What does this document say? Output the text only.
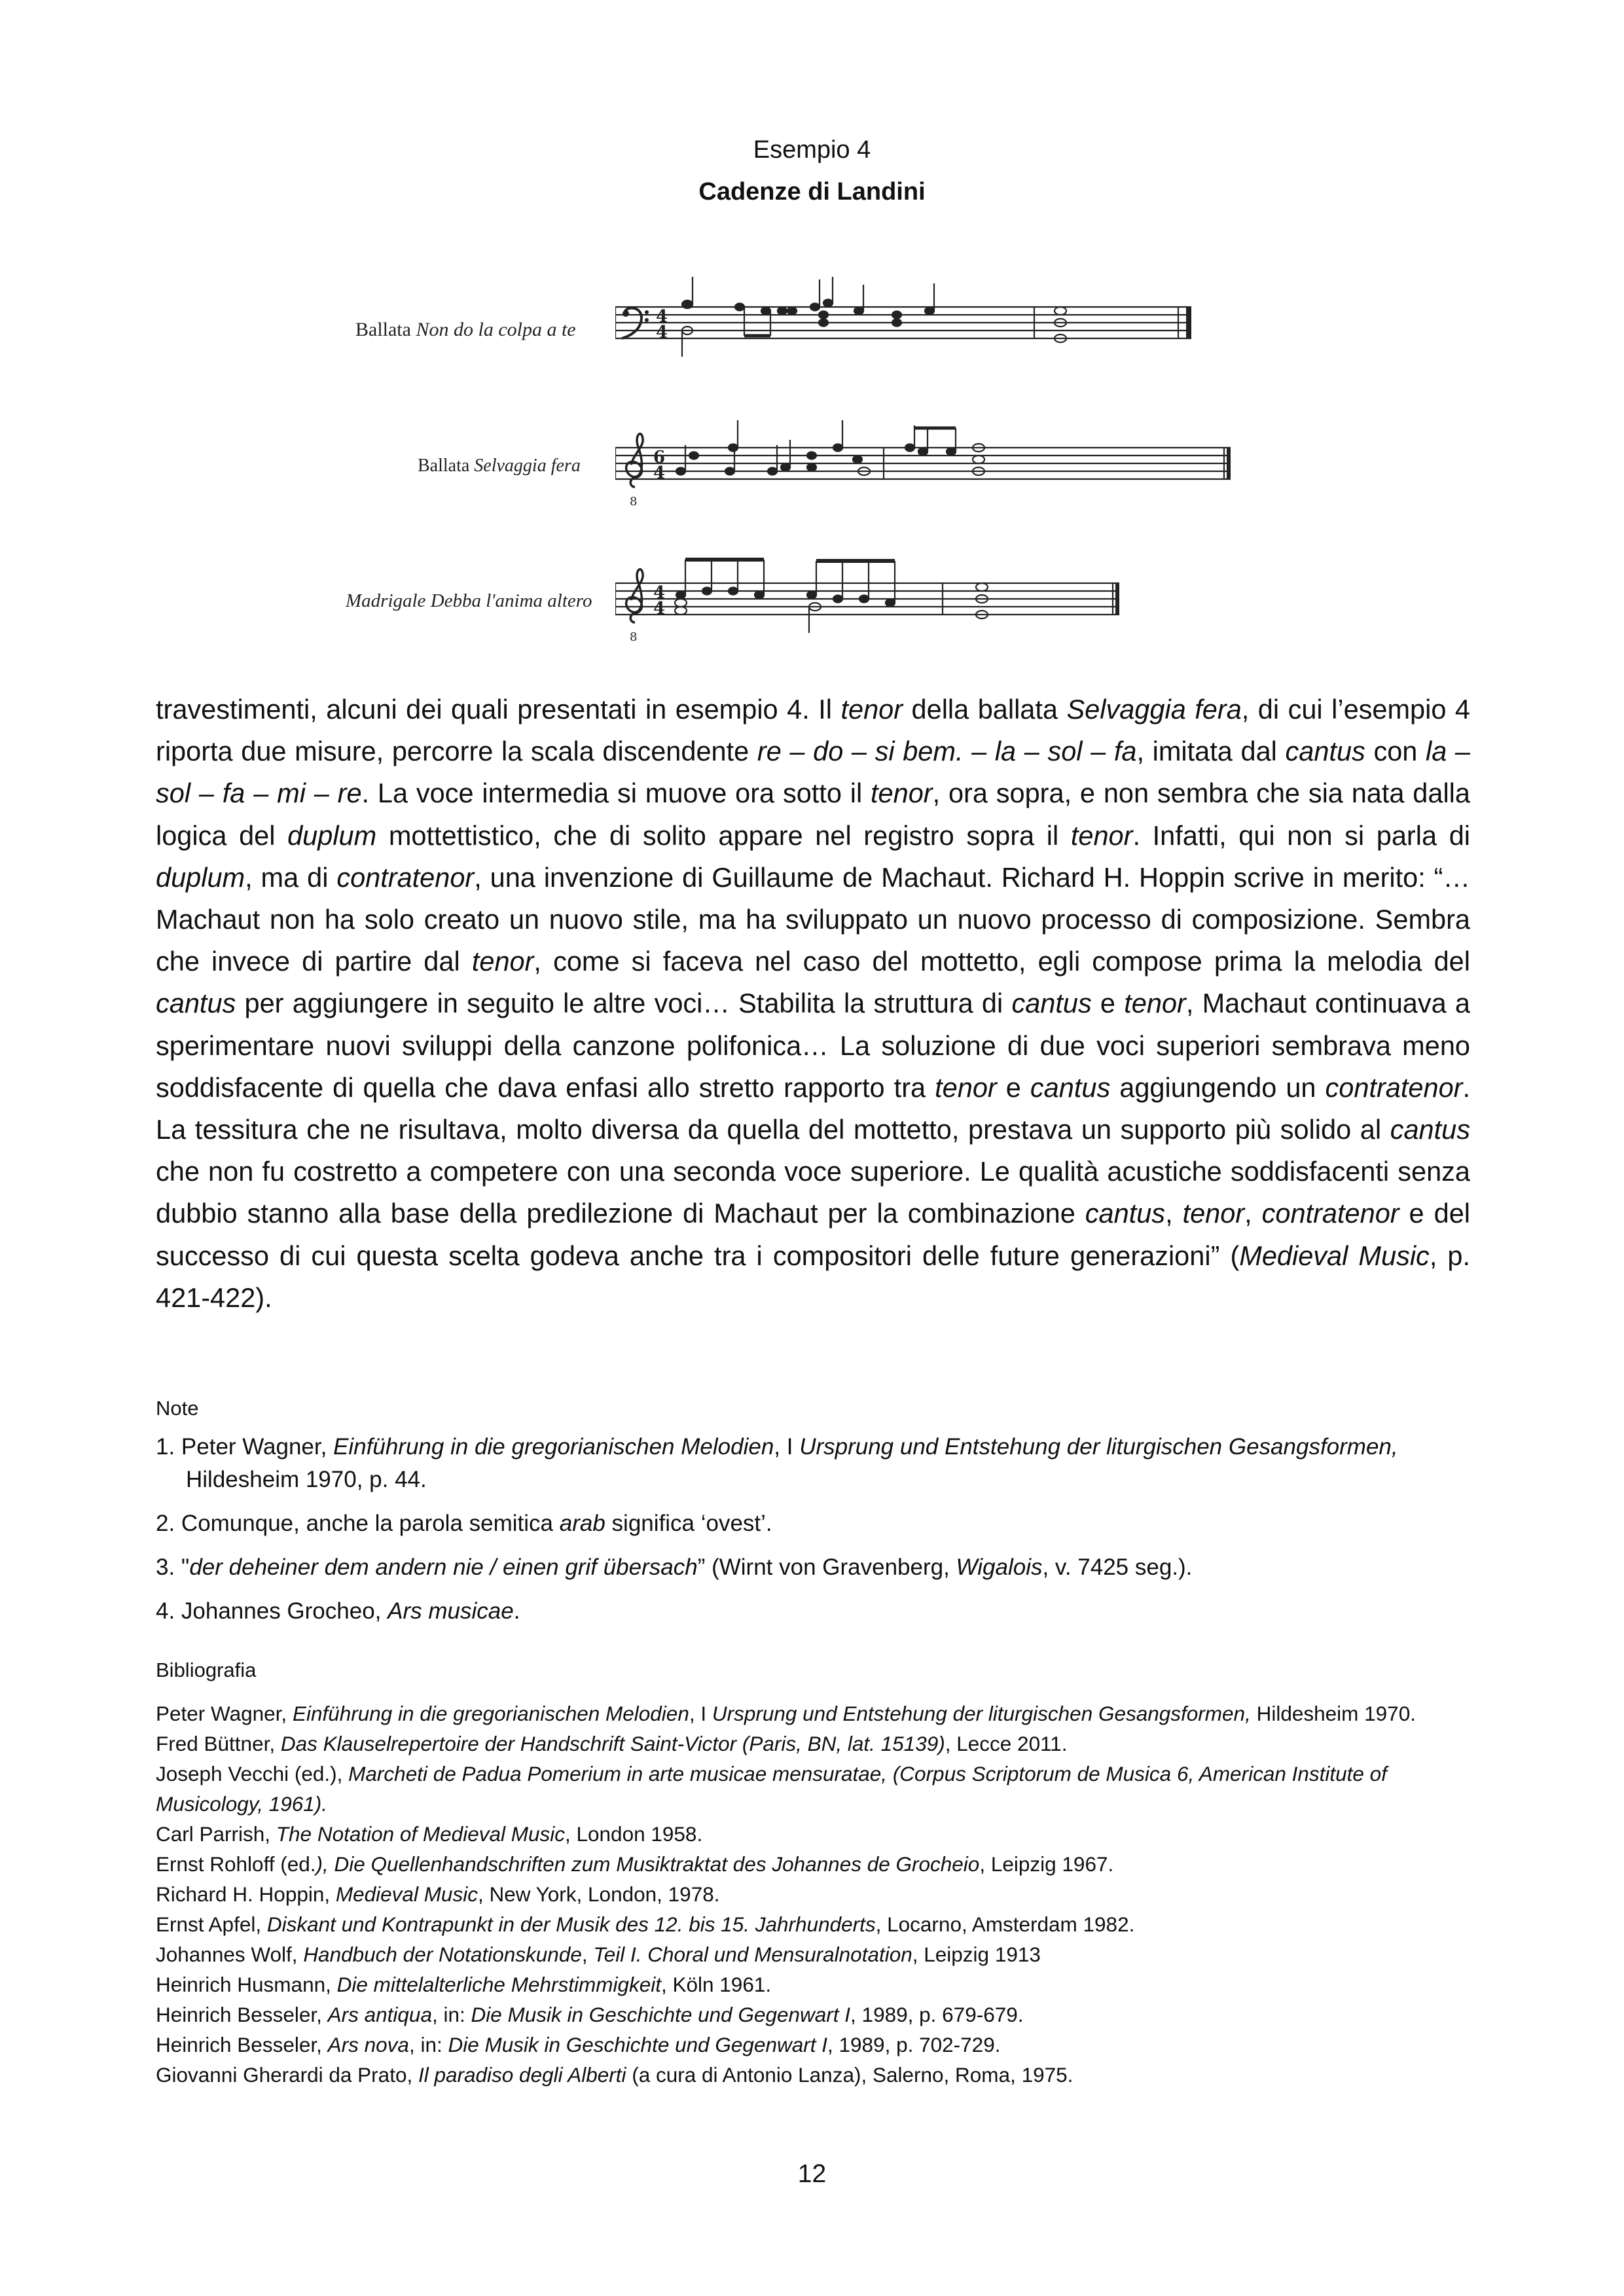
Esempio 4
Cadenze di Landini
Ballata Non do la colpa a te
4
4
Ballata Selvaggia fera
8
6
4
Madrigale Debba l'anima altero
8
4
4

travestimenti, alcuni dei quali presentati in esempio 4. Il tenor della ballata Selvaggia fera, di cui l’esempio 4 riporta due misure, percorre la scala discendente re – do – si bem. – la – sol – fa, imitata dal cantus con la – sol – fa – mi – re. La voce intermedia si muove ora sotto il tenor, ora sopra, e non sembra che sia nata dalla logica del duplum mottettistico, che di solito appare nel registro sopra il tenor. Infatti, qui non si parla di duplum, ma di contratenor, una invenzione di Guillaume de Machaut. Richard H. Hoppin scrive in merito: “… Machaut non ha solo creato un nuovo stile, ma ha sviluppato un nuovo processo di composizione. Sembra che invece di partire dal tenor, come si faceva nel caso del mottetto, egli compose prima la melodia del cantus per aggiungere in seguito le altre voci… Stabilita la struttura di cantus e tenor, Machaut continuava a sperimentare nuovi sviluppi della canzone polifonica… La soluzione di due voci superiori sembrava meno soddisfacente di quella che dava enfasi allo stretto rapporto tra tenor e cantus aggiungendo un contratenor. La tessitura che ne risultava, molto diversa da quella del mottetto, prestava un supporto più solido al cantus che non fu costretto a competere con una seconda voce superiore. Le qualità acustiche soddisfacenti senza dubbio stanno alla base della predilezione di Machaut per la combinazione cantus, tenor, contratenor e del successo di cui questa scelta godeva anche tra i compositori delle future generazioni” (Medieval Music, p. 421-422).

Note
1. Peter Wagner, Einführung in die gregorianischen Melodien, I Ursprung und Entstehung der liturgischen Gesangsformen, Hildesheim 1970, p. 44.
2. Comunque, anche la parola semitica arab significa ‘ovest’.
3. "der deheiner dem andern nie / einen grif übersach” (Wirnt von Gravenberg, Wigalois, v. 7425 seg.).
4. Johannes Grocheo, Ars musicae.
Bibliografia
Peter Wagner, Einführung in die gregorianischen Melodien, I Ursprung und Entstehung der liturgischen Gesangsformen, Hildesheim 1970.
Fred Büttner, Das Klauselrepertoire der Handschrift Saint-Victor (Paris, BN, lat. 15139), Lecce 2011.
Joseph Vecchi (ed.), Marcheti de Padua Pomerium in arte musicae mensuratae, (Corpus Scriptorum de Musica 6, American Institute of Musicology, 1961).
Carl Parrish, The Notation of Medieval Music, London 1958.
Ernst Rohloff (ed.), Die Quellenhandschriften zum Musiktraktat des Johannes de Grocheio, Leipzig 1967.
Richard H. Hoppin, Medieval Music, New York, London, 1978.
Ernst Apfel, Diskant und Kontrapunkt in der Musik des 12. bis 15. Jahrhunderts, Locarno, Amsterdam 1982.
Johannes Wolf, Handbuch der Notationskunde, Teil I. Choral und Mensuralnotation, Leipzig 1913
Heinrich Husmann, Die mittelalterliche Mehrstimmigkeit, Köln 1961.
Heinrich Besseler, Ars antiqua, in: Die Musik in Geschichte und Gegenwart I, 1989, p. 679-679.
Heinrich Besseler, Ars nova, in: Die Musik in Geschichte und Gegenwart I, 1989, p. 702-729.
Giovanni Gherardi da Prato, Il paradiso degli Alberti (a cura di Antonio Lanza), Salerno, Roma, 1975.
12
